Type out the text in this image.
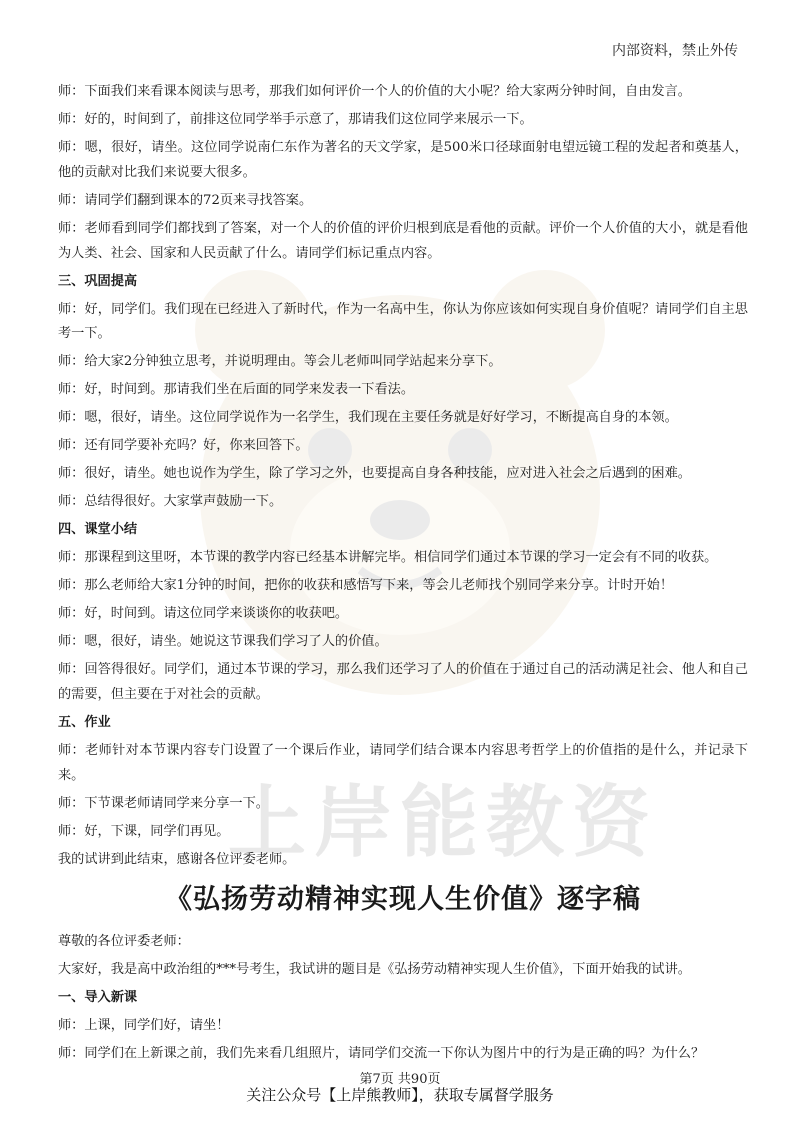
上岸能教资
内部资料，禁止外传

师：下面我们来看课本阅读与思考，那我们如何评价一个人的价值的大小呢？给大家两分钟时间，自由发言。

师：好的，时间到了，前排这位同学举手示意了，那请我们这位同学来展示一下。

师：嗯，很好，请坐。这位同学说南仁东作为著名的天文学家，是500米口径球面射电望远镜工程的发起者和奠基人，他的贡献对比我们来说要大很多。

师：请同学们翻到课本的72页来寻找答案。

师：老师看到同学们都找到了答案，对一个人的价值的评价归根到底是看他的贡献。评价一个人价值的大小，就是看他为人类、社会、国家和人民贡献了什么。请同学们标记重点内容。

三、巩固提高

师：好，同学们。我们现在已经进入了新时代，作为一名高中生，你认为你应该如何实现自身价值呢？请同学们自主思考一下。

师：给大家2分钟独立思考，并说明理由。等会儿老师叫同学站起来分享下。

师：好，时间到。那请我们坐在后面的同学来发表一下看法。

师：嗯，很好，请坐。这位同学说作为一名学生，我们现在主要任务就是好好学习，不断提高自身的本领。

师：还有同学要补充吗？好，你来回答下。

师：很好，请坐。她也说作为学生，除了学习之外，也要提高自身各种技能，应对进入社会之后遇到的困难。

师：总结得很好。大家掌声鼓励一下。

四、课堂小结

师：那课程到这里呀，本节课的教学内容已经基本讲解完毕。相信同学们通过本节课的学习一定会有不同的收获。

师：那么老师给大家1分钟的时间，把你的收获和感悟写下来，等会儿老师找个别同学来分享。计时开始！

师：好，时间到。请这位同学来谈谈你的收获吧。

师：嗯，很好，请坐。她说这节课我们学习了人的价值。

师：回答得很好。同学们，通过本节课的学习，那么我们还学习了人的价值在于通过自己的活动满足社会、他人和自己的需要，但主要在于对社会的贡献。

五、作业

师：老师针对本节课内容专门设置了一个课后作业，请同学们结合课本内容思考哲学上的价值指的是什么，并记录下来。

师：下节课老师请同学来分享一下。

师：好，下课，同学们再见。

我的试讲到此结束，感谢各位评委老师。

《弘扬劳动精神实现人生价值》逐字稿

尊敬的各位评委老师：

大家好，我是高中政治组的***号考生，我试讲的题目是《弘扬劳动精神实现人生价值》，下面开始我的试讲。

一、导入新课

师：上课，同学们好，请坐！

师：同学们在上新课之前，我们先来看几组照片，请同学们交流一下你认为图片中的行为是正确的吗？为什么？

第7页 共90页
关注公众号【上岸熊教师】，获取专属督学服务
